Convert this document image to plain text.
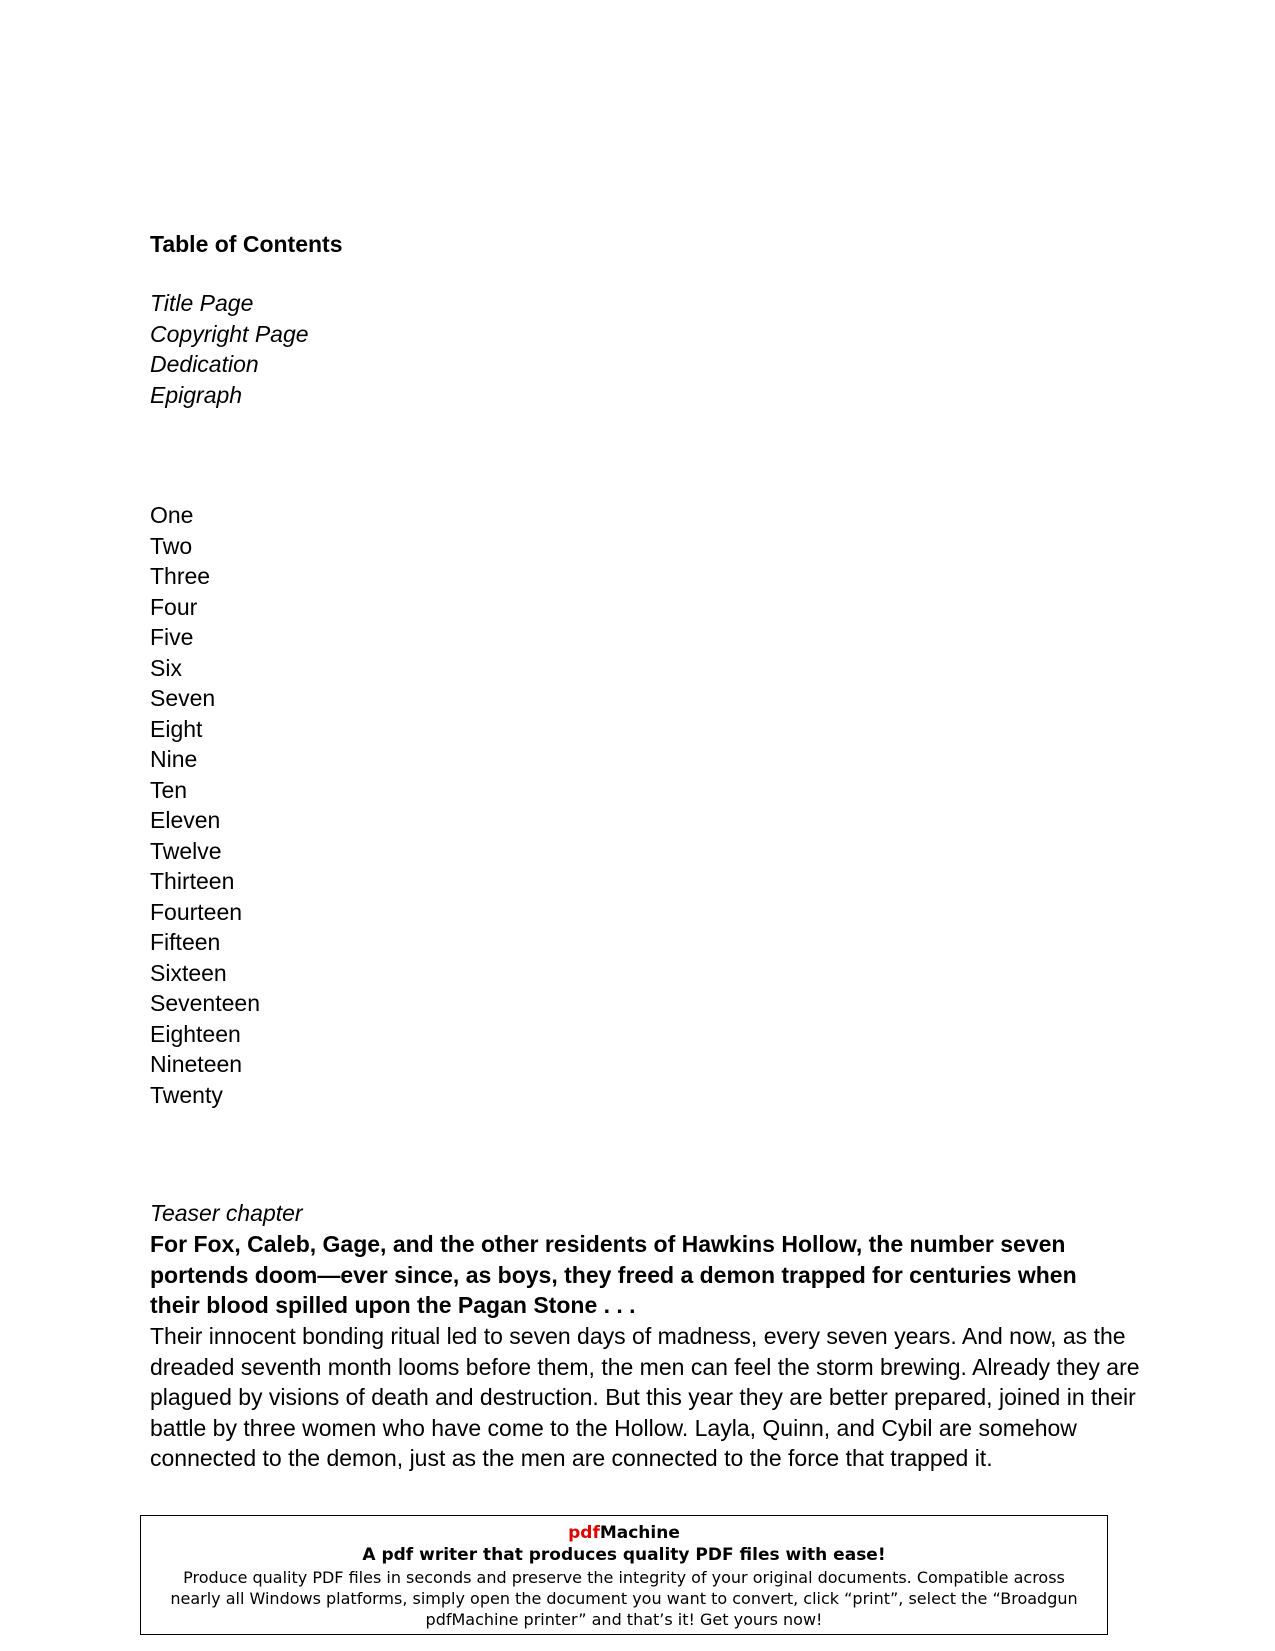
Table of Contents
Title Page
Copyright Page
Dedication
Epigraph
One
Two
Three
Four
Five
Six
Seven
Eight
Nine
Ten
Eleven
Twelve
Thirteen
Fourteen
Fifteen
Sixteen
Seventeen
Eighteen
Nineteen
Twenty
Teaser chapter
For Fox, Caleb, Gage, and the other residents of Hawkins Hollow, the number seven portends doom—ever since, as boys, they freed a demon trapped for centuries when their blood spilled upon the Pagan Stone . . .
Their innocent bonding ritual led to seven days of madness, every seven years. And now, as the dreaded seventh month looms before them, the men can feel the storm brewing. Already they are plagued by visions of death and destruction. But this year they are better prepared, joined in their battle by three women who have come to the Hollow. Layla, Quinn, and Cybil are somehow connected to the demon, just as the men are connected to the force that trapped it.
pdfMachine
A pdf writer that produces quality PDF files with ease!
Produce quality PDF files in seconds and preserve the integrity of your original documents. Compatible across nearly all Windows platforms, simply open the document you want to convert, click “print”, select the “Broadgun pdfMachine printer” and that’s it! Get yours now!
